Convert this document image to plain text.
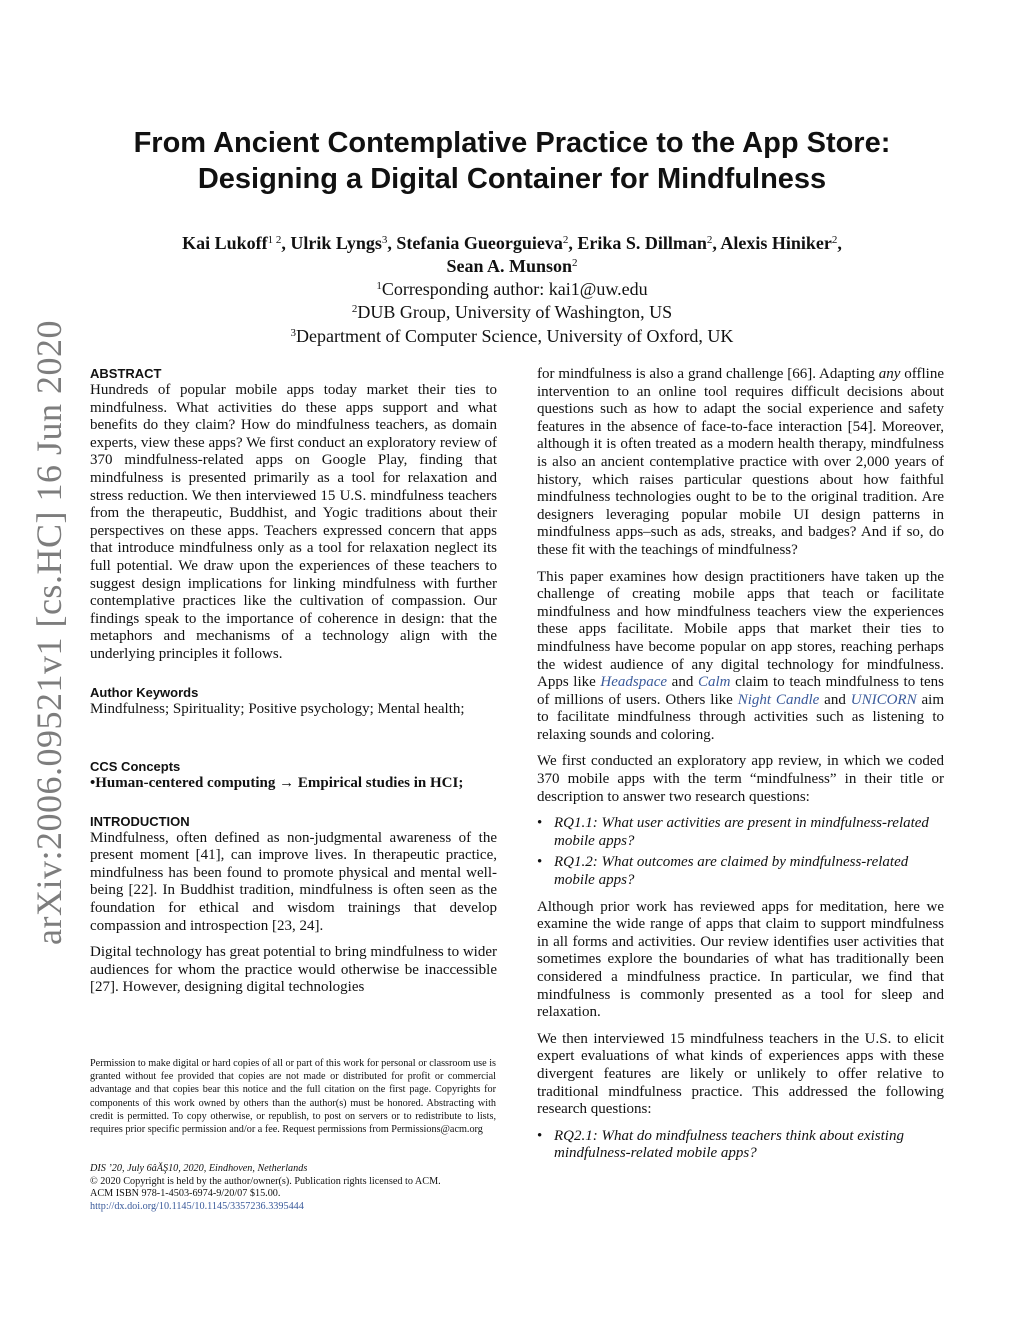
arXiv:2006.09521v1 [cs.HC] 16 Jun 2020
From Ancient Contemplative Practice to the App Store:
Designing a Digital Container for Mindfulness
Kai Lukoff$^{1 2}$, Ulrik Lyngs$^3$, Stefania Gueorguieva$^2$, Erika S. Dillman$^2$, Alexis Hiniker$^2$,
Sean A. Munson$^2$
$^1$Corresponding author: kai1@uw.edu
$^2$DUB Group, University of Washington, US
$^3$Department of Computer Science, University of Oxford, UK
ABSTRACT

Hundreds of popular mobile apps today market their ties to mindfulness. What activities do these apps support and what benefits do they claim? How do mindfulness teachers, as domain experts, view these apps? We first conduct an exploratory review of 370 mindfulness-related apps on Google Play, finding that mindfulness is presented primarily as a tool for relaxation and stress reduction. We then interviewed 15 U.S. mindfulness teachers from the therapeutic, Buddhist, and Yogic traditions about their perspectives on these apps. Teachers expressed concern that apps that introduce mindfulness only as a tool for relaxation neglect its full potential. We draw upon the experiences of these teachers to suggest design implications for linking mindfulness with further contemplative practices like the cultivation of compassion. Our findings speak to the importance of coherence in design: that the metaphors and mechanisms of a technology align with the underlying principles it follows.

Author Keywords

Mindfulness; Spirituality; Positive psychology; Mental health;

CCS Concepts

•Human-centered computing → Empirical studies in HCI;

INTRODUCTION

Mindfulness, often defined as non-judgmental awareness of the present moment [41], can improve lives. In therapeutic practice, mindfulness has been found to promote physical and mental well-being [22]. In Buddhist tradition, mindfulness is often seen as the foundation for ethical and wisdom trainings that develop compassion and introspection [23, 24].

Digital technology has great potential to bring mindfulness to wider audiences for whom the practice would otherwise be inaccessible [27]. However, designing digital technologies

for mindfulness is also a grand challenge [66]. Adapting any offline intervention to an online tool requires difficult decisions about questions such as how to adapt the social experience and safety features in the absence of face-to-face interaction [54]. Moreover, although it is often treated as a modern health therapy, mindfulness is also an ancient contemplative practice with over 2,000 years of history, which raises particular questions about how faithful mindfulness technologies ought to be to the original tradition. Are designers leveraging popular mobile UI design patterns in mindfulness apps–such as ads, streaks, and badges? And if so, do these fit with the teachings of mindfulness?

This paper examines how design practitioners have taken up the challenge of creating mobile apps that teach or facilitate mindfulness and how mindfulness teachers view the experiences these apps facilitate. Mobile apps that market their ties to mindfulness have become popular on app stores, reaching perhaps the widest audience of any digital technology for mindfulness. Apps like Headspace and Calm claim to teach mindfulness to tens of millions of users. Others like Night Candle and UNICORN aim to facilitate mindfulness through activities such as listening to relaxing sounds and coloring.

We first conducted an exploratory app review, in which we coded 370 mobile apps with the term “mindfulness” in their title or description to answer two research questions:

• RQ1.1: What user activities are present in mindfulness-related mobile apps?

• RQ1.2: What outcomes are claimed by mindfulness-related mobile apps?

Although prior work has reviewed apps for meditation, here we examine the wide range of apps that claim to support mindfulness in all forms and activities. Our review identifies user activities that sometimes explore the boundaries of what has traditionally been considered a mindfulness practice. In particular, we find that mindfulness is commonly presented as a tool for sleep and relaxation.

We then interviewed 15 mindfulness teachers in the U.S. to elicit expert evaluations of what kinds of experiences apps with these divergent features are likely or unlikely to offer relative to traditional mindfulness practice. This addressed the following research questions:

• RQ2.1: What do mindfulness teachers think about existing mindfulness-related mobile apps?

Permission to make digital or hard copies of all or part of this work for personal or classroom use is granted without fee provided that copies are not made or distributed for profit or commercial advantage and that copies bear this notice and the full citation on the first page. Copyrights for components of this work owned by others than the author(s) must be honored. Abstracting with credit is permitted. To copy otherwise, or republish, to post on servers or to redistribute to lists, requires prior specific permission and/or a fee. Request permissions from Permissions@acm.org
DIS ’20, July 6âĂŞ10, 2020, Eindhoven, Netherlands
© 2020 Copyright is held by the author/owner(s). Publication rights licensed to ACM.
ACM ISBN 978-1-4503-6974-9/20/07 $15.00.
http://dx.doi.org/10.1145/10.1145/3357236.3395444
